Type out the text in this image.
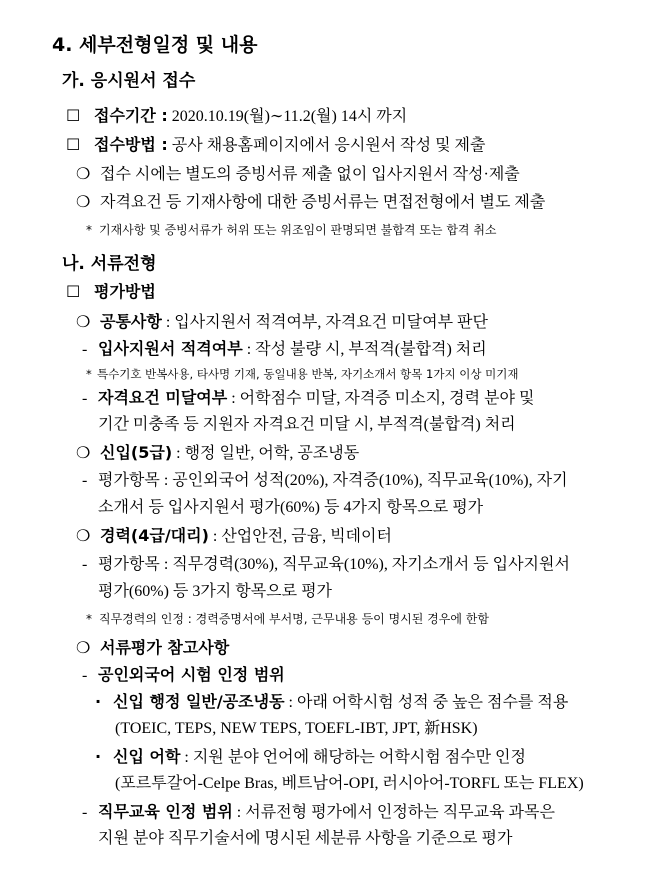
4. 세부전형일정 및 내용
가. 응시원서 접수
☐ 접수기간 : 2020.10.19(월)∼11.2(월) 14시 까지
☐ 접수방법 : 공사 채용홈페이지에서 응시원서 작성 및 제출
❍ 접수 시에는 별도의 증빙서류 제출 없이 입사지원서 작성·제출
❍ 자격요건 등 기재사항에 대한 증빙서류는 면접전형에서 별도 제출
* 기재사항 및 증빙서류가 허위 또는 위조임이 판명되면 불합격 또는 합격 취소
나. 서류전형
☐ 평가방법
❍ 공통사항 : 입사지원서 적격여부, 자격요건 미달여부 판단
- 입사지원서 적격여부 : 작성 불량 시, 부적격(불합격) 처리
* 특수기호 반복사용, 타사명 기재, 동일내용 반복, 자기소개서 항목 1가지 이상 미기재
- 자격요건 미달여부 : 어학점수 미달, 자격증 미소지, 경력 분야 및
기간 미충족 등 지원자 자격요건 미달 시, 부적격(불합격) 처리
❍ 신입(5급) : 행정 일반, 어학, 공조냉동
- 평가항목 : 공인외국어 성적(20%), 자격증(10%), 직무교육(10%), 자기
소개서 등 입사지원서 평가(60%) 등 4가지 항목으로 평가
❍ 경력(4급/대리) : 산업안전, 금융, 빅데이터
- 평가항목 : 직무경력(30%), 직무교육(10%), 자기소개서 등 입사지원서
평가(60%) 등 3가지 항목으로 평가
* 직무경력의 인정 : 경력증명서에 부서명, 근무내용 등이 명시된 경우에 한함
❍ 서류평가 참고사항
- 공인외국어 시험 인정 범위
· 신입 행정 일반/공조냉동 : 아래 어학시험 성적 중 높은 점수를 적용
(TOEIC, TEPS, NEW TEPS, TOEFL-IBT, JPT, 新HSK)
· 신입 어학 : 지원 분야 언어에 해당하는 어학시험 점수만 인정
(포르투갈어-Celpe Bras, 베트남어-OPI, 러시아어-TORFL 또는 FLEX)
- 직무교육 인정 범위 : 서류전형 평가에서 인정하는 직무교육 과목은
지원 분야 직무기술서에 명시된 세분류 사항을 기준으로 평가
